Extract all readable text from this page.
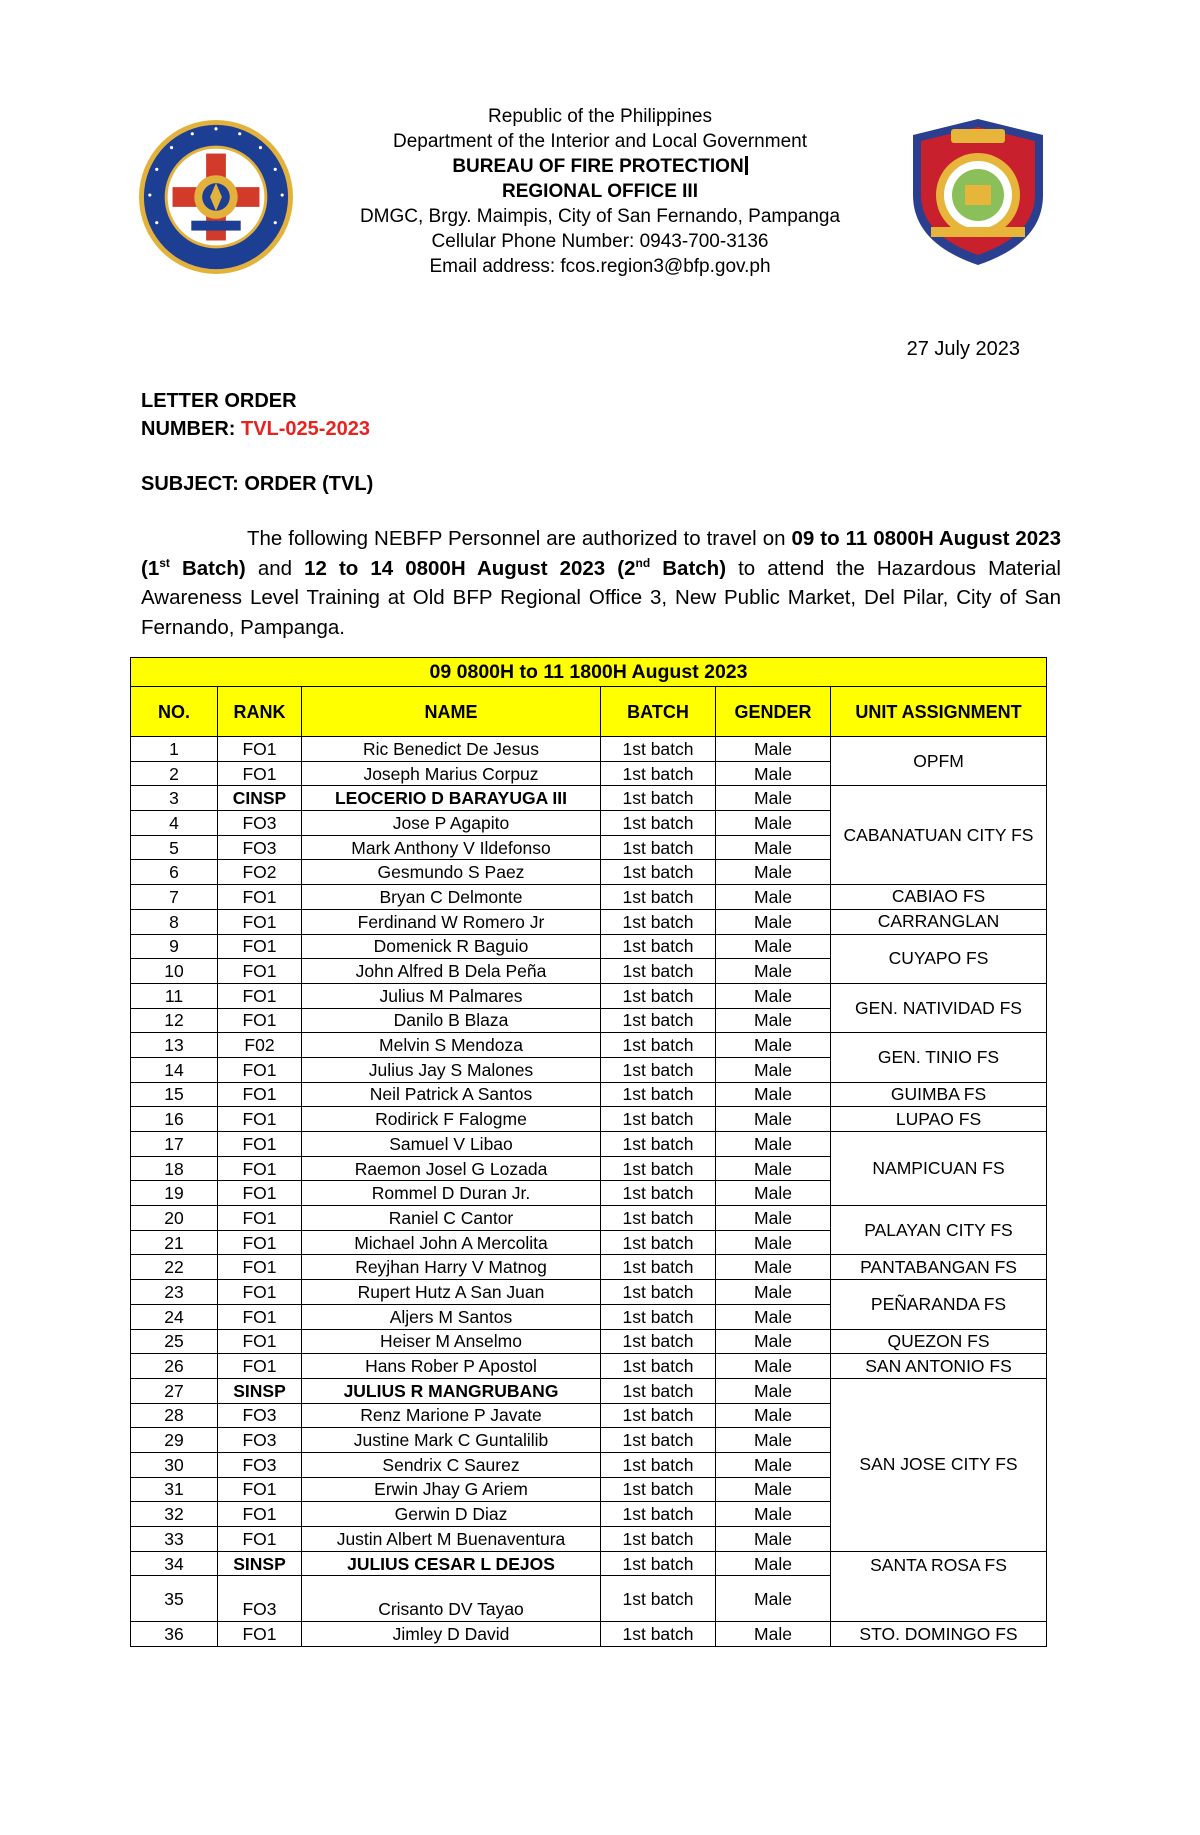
Republic of the Philippines
Department of the Interior and Local Government
BUREAU OF FIRE PROTECTION
REGIONAL OFFICE III
DMGC, Brgy. Maimpis, City of San Fernando, Pampanga
Cellular Phone Number: 0943-700-3136
Email address: fcos.region3@bfp.gov.ph
27 July 2023
LETTER ORDER
NUMBER: TVL-025-2023
SUBJECT: ORDER (TVL)
The following NEBFP Personnel are authorized to travel on 09 to 11 0800H August 2023 (1st Batch) and 12 to 14 0800H August 2023 (2nd Batch) to attend the Hazardous Material Awareness Level Training at Old BFP Regional Office 3, New Public Market, Del Pilar, City of San Fernando, Pampanga.
09 0800H to 11 1800H August 2023					
NO.	RANK	NAME	BATCH	GENDER	UNIT ASSIGNMENT
1	FO1	Ric Benedict De Jesus	1st batch	Male	OPFM
2	FO1	Joseph Marius Corpuz	1st batch	Male	
3	CINSP	LEOCERIO D BARAYUGA III	1st batch	Male	CABANATUAN CITY FS
4	FO3	Jose P Agapito	1st batch	Male	
5	FO3	Mark Anthony V Ildefonso	1st batch	Male	
6	FO2	Gesmundo S Paez	1st batch	Male	
7	FO1	Bryan C Delmonte	1st batch	Male	CABIAO FS
8	FO1	Ferdinand W Romero Jr	1st batch	Male	CARRANGLAN
9	FO1	Domenick R Baguio	1st batch	Male	CUYAPO FS
10	FO1	John Alfred B Dela Peña	1st batch	Male	
11	FO1	Julius M Palmares	1st batch	Male	GEN. NATIVIDAD FS
12	FO1	Danilo B Blaza	1st batch	Male	
13	F02	Melvin S Mendoza	1st batch	Male	GEN. TINIO FS
14	FO1	Julius Jay S Malones	1st batch	Male	
15	FO1	Neil Patrick A Santos	1st batch	Male	GUIMBA FS
16	FO1	Rodirick F Falogme	1st batch	Male	LUPAO FS
17	FO1	Samuel V Libao	1st batch	Male	NAMPICUAN FS
18	FO1	Raemon Josel G Lozada	1st batch	Male	
19	FO1	Rommel D Duran Jr.	1st batch	Male	
20	FO1	Raniel C Cantor	1st batch	Male	PALAYAN CITY FS
21	FO1	Michael John A Mercolita	1st batch	Male	
22	FO1	Reyjhan Harry V Matnog	1st batch	Male	PANTABANGAN FS
23	FO1	Rupert Hutz A San Juan	1st batch	Male	PEÑARANDA FS
24	FO1	Aljers M Santos	1st batch	Male	
25	FO1	Heiser M Anselmo	1st batch	Male	QUEZON FS
26	FO1	Hans Rober P Apostol	1st batch	Male	SAN ANTONIO FS
27	SINSP	JULIUS R MANGRUBANG	1st batch	Male	SAN JOSE CITY FS
28	FO3	Renz Marione P Javate	1st batch	Male	
29	FO3	Justine Mark C Guntalilib	1st batch	Male	
30	FO3	Sendrix C Saurez	1st batch	Male	
31	FO1	Erwin Jhay G Ariem	1st batch	Male	
32	FO1	Gerwin D Diaz	1st batch	Male	
33	FO1	Justin Albert M Buenaventura	1st batch	Male	
34	SINSP	JULIUS CESAR L DEJOS	1st batch	Male	SANTA ROSA FS
35	FO3	Crisanto DV Tayao	1st batch	Male	
36	FO1	Jimley D David	1st batch	Male	STO. DOMINGO FS
